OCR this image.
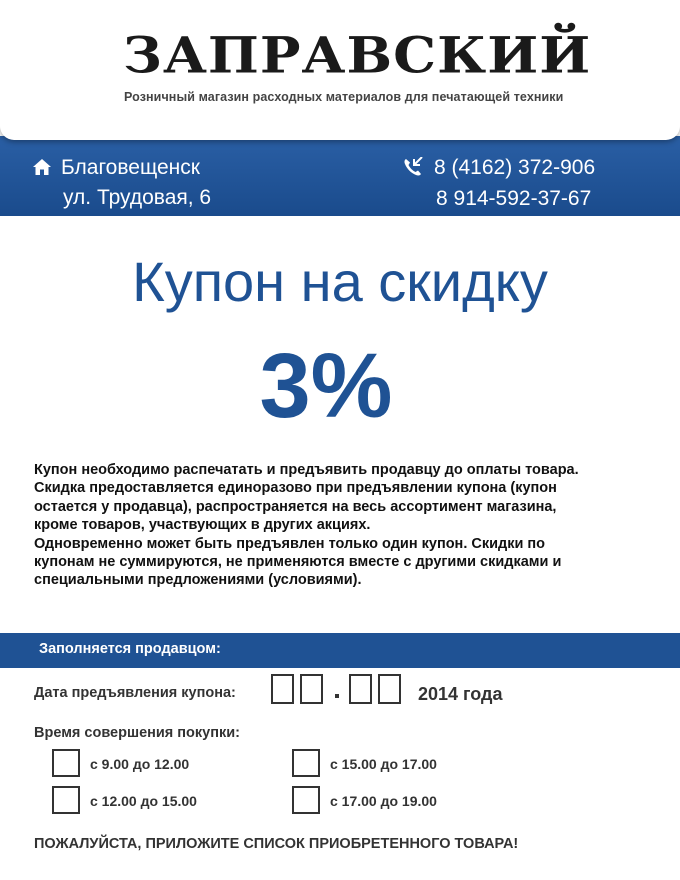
ЗАПРАВСКИЙ
Розничный магазин расходных материалов для печатающей техники
Благовещенск
ул. Трудовая, 6
8 (4162) 372-906
8 914-592-37-67
Купон на скидку
3%
Купон необходимо распечатать и предъявить продавцу до оплаты товара.
Скидка предоставляется единоразово при предъявлении купона (купон
остается у продавца), распространяется на весь ассортимент магазина,
кроме товаров, участвующих в других акциях.
Одновременно может быть предъявлен только один купон. Скидки по
купонам не суммируются, не применяются вместе с другими скидками и
специальными предложениями (условиями).
Заполняется продавцом:
Дата предъявления купона:	2014 года
Время совершения покупки:
с 9.00 до 12.00
с 12.00 до 15.00
с 15.00 до 17.00
с 17.00 до 19.00
ПОЖАЛУЙСТА, ПРИЛОЖИТЕ СПИСОК ПРИОБРЕТЕННОГО ТОВАРА!
